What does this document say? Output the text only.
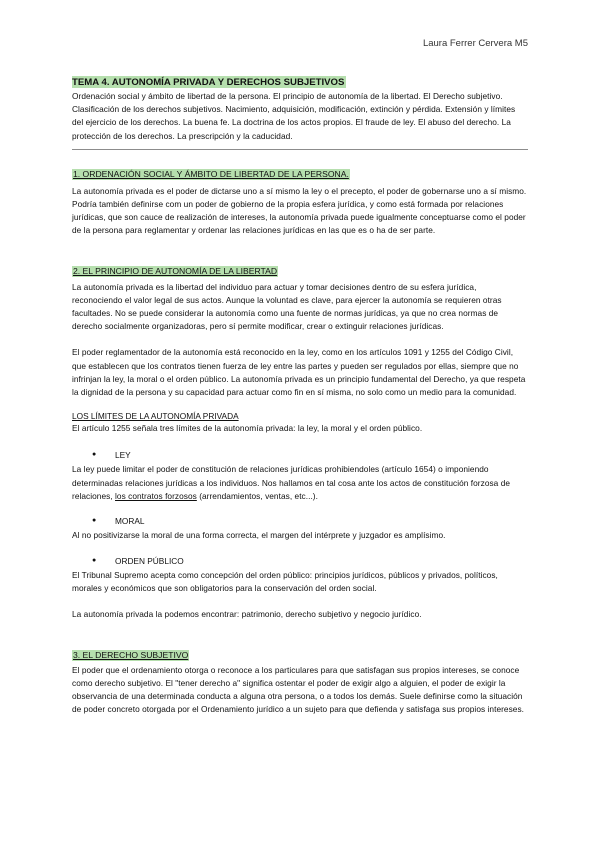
Laura Ferrer Cervera M5
TEMA 4. AUTONOMÍA PRIVADA Y DERECHOS SUBJETIVOS

Ordenación social y ámbito de libertad de la persona. El principio de autonomía de la libertad. El Derecho subjetivo. Clasificación de los derechos subjetivos. Nacimiento, adquisición, modificación, extinción y pérdida. Extensión y límites del ejercicio de los derechos. La buena fe. La doctrina de los actos propios. El fraude de ley. El abuso del derecho. La protección de los derechos. La prescripción y la caducidad.

1. ORDENACIÓN SOCIAL Y ÁMBITO DE LIBERTAD DE LA PERSONA.

La autonomía privada es el poder de dictarse uno a sí mismo la ley o el precepto, el poder de gobernarse uno a sí mismo. Podría también definirse com un poder de gobierno de la propia esfera jurídica, y como está formada por relaciones jurídicas, que son cauce de realización de intereses, la autonomía privada puede igualmente conceptuarse como el poder de la persona para reglamentar y ordenar las relaciones jurídicas en las que es o ha de ser parte.

2. EL PRINCIPIO DE AUTONOMÍA DE LA LIBERTAD

La autonomía privada es la libertad del individuo para actuar y tomar decisiones dentro de su esfera jurídica, reconociendo el valor legal de sus actos. Aunque la voluntad es clave, para ejercer la autonomía se requieren otras facultades. No se puede considerar la autonomía como una fuente de normas jurídicas, ya que no crea normas de derecho socialmente organizadoras, pero sí permite modificar, crear o extinguir relaciones jurídicas.

El poder reglamentador de la autonomía está reconocido en la ley, como en los artículos 1091 y 1255 del Código Civil, que establecen que los contratos tienen fuerza de ley entre las partes y pueden ser regulados por ellas, siempre que no infrinjan la ley, la moral o el orden público. La autonomía privada es un principio fundamental del Derecho, ya que respeta la dignidad de la persona y su capacidad para actuar como fin en sí misma, no solo como un medio para la comunidad.

LOS LÍMITES DE LA AUTONOMÍA PRIVADA

El artículo 1255 señala tres límites de la autonomía privada: la ley, la moral y el orden público.

●	LEY

La ley puede limitar el poder de constitución de relaciones jurídicas prohibiendoles (artículo 1654) o imponiendo determinadas relaciones jurídicas a los individuos. Nos hallamos en tal cosa ante los actos de constitución forzosa de relaciones, los contratos forzosos (arrendamientos, ventas, etc...).

●	MORAL

Al no positivizarse la moral de una forma correcta, el margen del intérprete y juzgador es amplísimo.

●	ORDEN PÚBLICO

El Tribunal Supremo acepta como concepción del orden público: principios jurídicos, públicos y privados, políticos, morales y económicos que son obligatorios para la conservación del orden social.

La autonomía privada la podemos encontrar: patrimonio, derecho subjetivo y negocio jurídico.

3. EL DERECHO SUBJETIVO

El poder que el ordenamiento otorga o reconoce a los particulares para que satisfagan sus propios intereses, se conoce como derecho subjetivo. El "tener derecho a" significa ostentar el poder de exigir algo a alguien, el poder de exigir la observancia de una determinada conducta a alguna otra persona, o a todos los demás. Suele definirse como la situación de poder concreto otorgada por el Ordenamiento jurídico a un sujeto para que defienda y satisfaga sus propios intereses.
